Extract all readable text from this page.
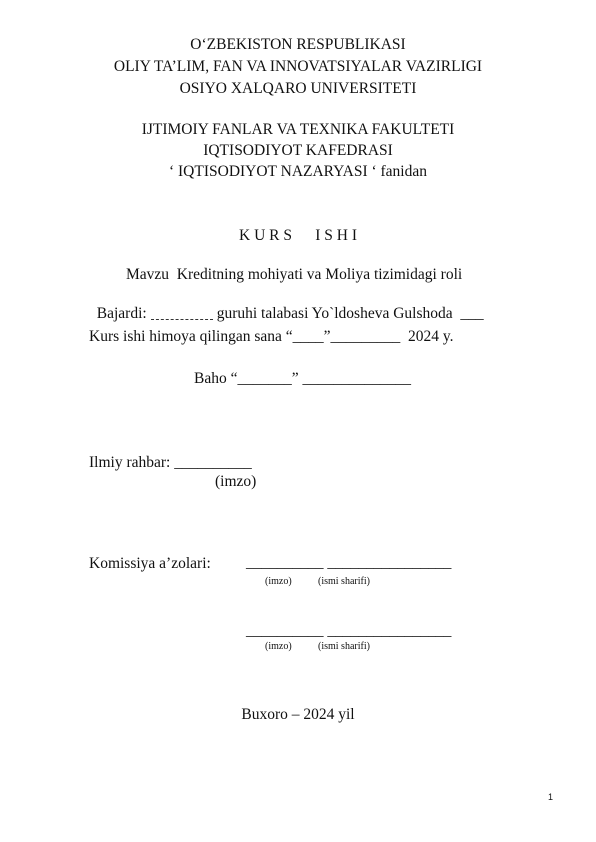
O‘ZBEKISTON RESPUBLIKASI
OLIY TA’LIM, FAN VA INNOVATSIYALAR VAZIRLIGI
OSIYO XALQARO UNIVERSITETI
IJTIMOIY FANLAR VA TEXNIKA FAKULTETI
IQTISODIYOT KAFEDRASI
‘ IQTISODIYOT NAZARYASI ‘ fanidan
K U R S      I S H I
Mavzu  Kreditning mohiyati va Moliya tizimidagi roli

Bajardi:	guruhi talabasi Yo`ldosheva Gulshoda  ___

Kurs ishi himoya qilingan sana “____”_________  2024 y.
Baho “_______” ______________
Ilmiy rahbar: __________
(imzo)
Komissiya a’zolari: __________ ________________
(imzo)	(ismi sharifi)
__________ ________________
(imzo)	(ismi sharifi)
Buxoro – 2024 yil
1
